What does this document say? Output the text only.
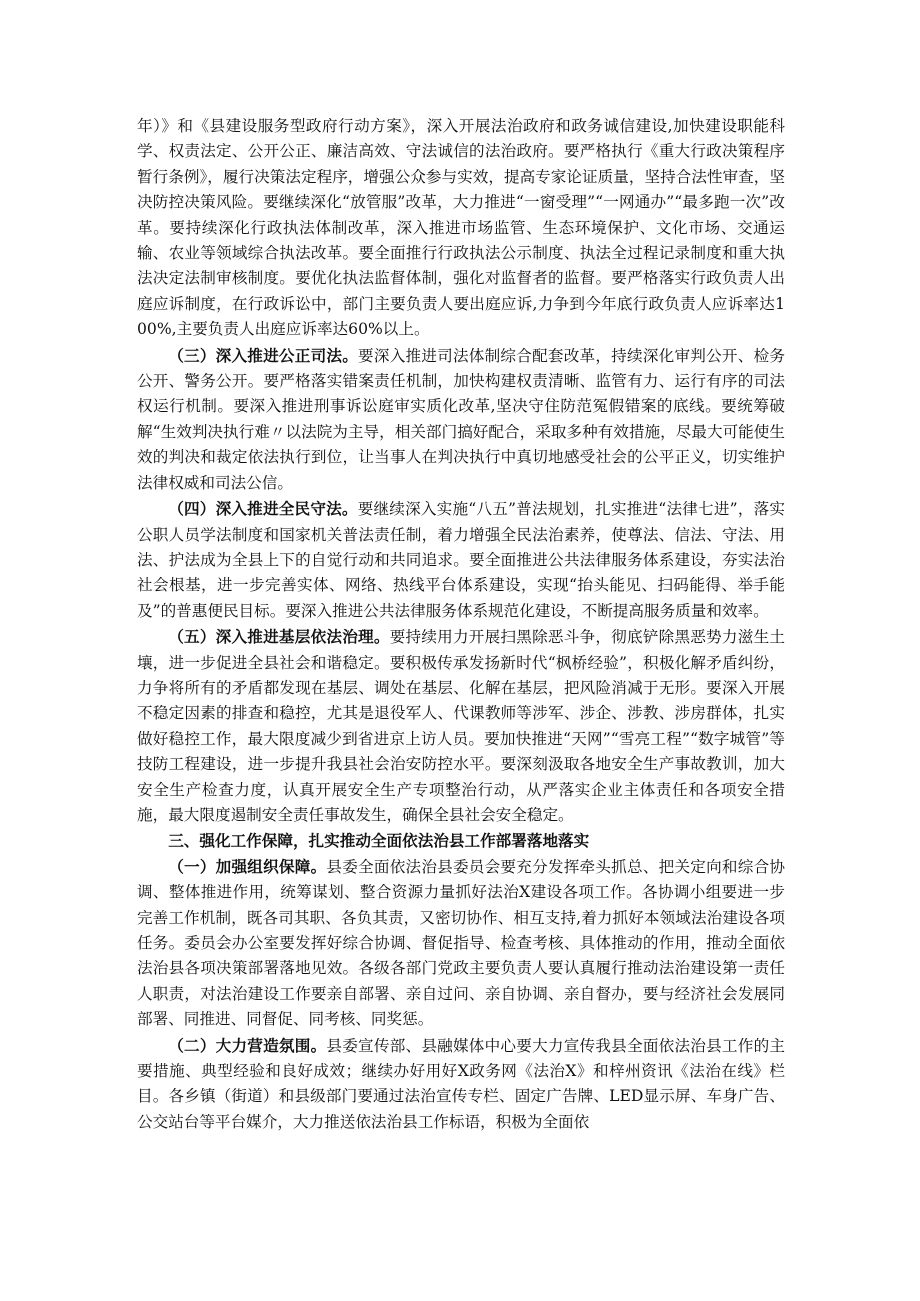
年）》和《县建设服务型政府行动方案》，深入开展法治政府和政务诚信建设,加快建设职能科学、权责法定、公开公正、廉洁高效、守法诚信的法治政府。要严格执行《重大行政决策程序暂行条例》，履行决策法定程序，增强公众参与实效，提高专家论证质量，坚持合法性审查，坚决防控决策风险。要继续深化“放管服”改革，大力推进“一窗受理”“一网通办”“最多跑一次”改革。要持续深化行政执法体制改革，深入推进市场监管、生态环境保护、文化市场、交通运输、农业等领域综合执法改革。要全面推行行政执法公示制度、执法全过程记录制度和重大执法决定法制审核制度。要优化执法监督体制，强化对监督者的监督。要严格落实行政负责人出庭应诉制度，在行政诉讼中，部门主要负责人要出庭应诉,力争到今年底行政负责人应诉率达100%,主要负责人出庭应诉率达60%以上。

（三）深入推进公正司法。要深入推进司法体制综合配套改革，持续深化审判公开、检务公开、警务公开。要严格落实错案责任机制，加快构建权责清晰、监管有力、运行有序的司法权运行机制。要深入推进刑事诉讼庭审实质化改革,坚决守住防范冤假错案的底线。要统筹破解“生效判决执行难〃以法院为主导，相关部门搞好配合，采取多种有效措施，尽最大可能使生效的判决和裁定依法执行到位，让当事人在判决执行中真切地感受社会的公平正义，切实维护法律权威和司法公信。

（四）深入推进全民守法。要继续深入实施“八五”普法规划，扎实推进“法律七进”，落实公职人员学法制度和国家机关普法责任制，着力增强全民法治素养，使尊法、信法、守法、用法、护法成为全县上下的自觉行动和共同追求。要全面推进公共法律服务体系建设，夯实法治社会根基，进一步完善实体、网络、热线平台体系建设，实现“抬头能见、扫码能得、举手能及”的普惠便民目标。要深入推进公共法律服务体系规范化建设，不断提高服务质量和效率。

（五）深入推进基层依法治理。要持续用力开展扫黑除恶斗争，彻底铲除黑恶势力滋生土壤，进一步促进全县社会和谐稳定。要积极传承发扬新时代“枫桥经验”，积极化解矛盾纠纷，力争将所有的矛盾都发现在基层、调处在基层、化解在基层，把风险消减于无形。要深入开展不稳定因素的排查和稳控，尤其是退役军人、代课教师等涉军、涉企、涉教、涉房群体，扎实做好稳控工作，最大限度减少到省进京上访人员。要加快推进“天网”“雪亮工程”“数字城管”等技防工程建设，进一步提升我县社会治安防控水平。要深刻汲取各地安全生产事故教训，加大安全生产检查力度，认真开展安全生产专项整治行动，从严落实企业主体责任和各项安全措施，最大限度遏制安全责任事故发生，确保全县社会安全稳定。

三、强化工作保障，扎实推动全面依法治县工作部署落地落实

（一）加强组织保障。县委全面依法治县委员会要充分发挥牵头抓总、把关定向和综合协调、整体推进作用，统筹谋划、整合资源力量抓好法治X建设各项工作。各协调小组要进一步完善工作机制，既各司其职、各负其责，又密切协作、相互支持,着力抓好本领域法治建设各项任务。委员会办公室要发挥好综合协调、督促指导、检查考核、具体推动的作用，推动全面依法治县各项决策部署落地见效。各级各部门党政主要负责人要认真履行推动法治建设第一责任人职责，对法治建设工作要亲自部署、亲自过问、亲自协调、亲自督办，要与经济社会发展同部署、同推进、同督促、同考核、同奖惩。

（二）大力营造氛围。县委宣传部、县融媒体中心要大力宣传我县全面依法治县工作的主要措施、典型经验和良好成效；继续办好用好X政务网《法治X》和梓州资讯《法治在线》栏目。各乡镇（街道）和县级部门要通过法治宣传专栏、固定广告牌、LED显示屏、车身广告、公交站台等平台媒介，大力推送依法治县工作标语，积极为全面依
